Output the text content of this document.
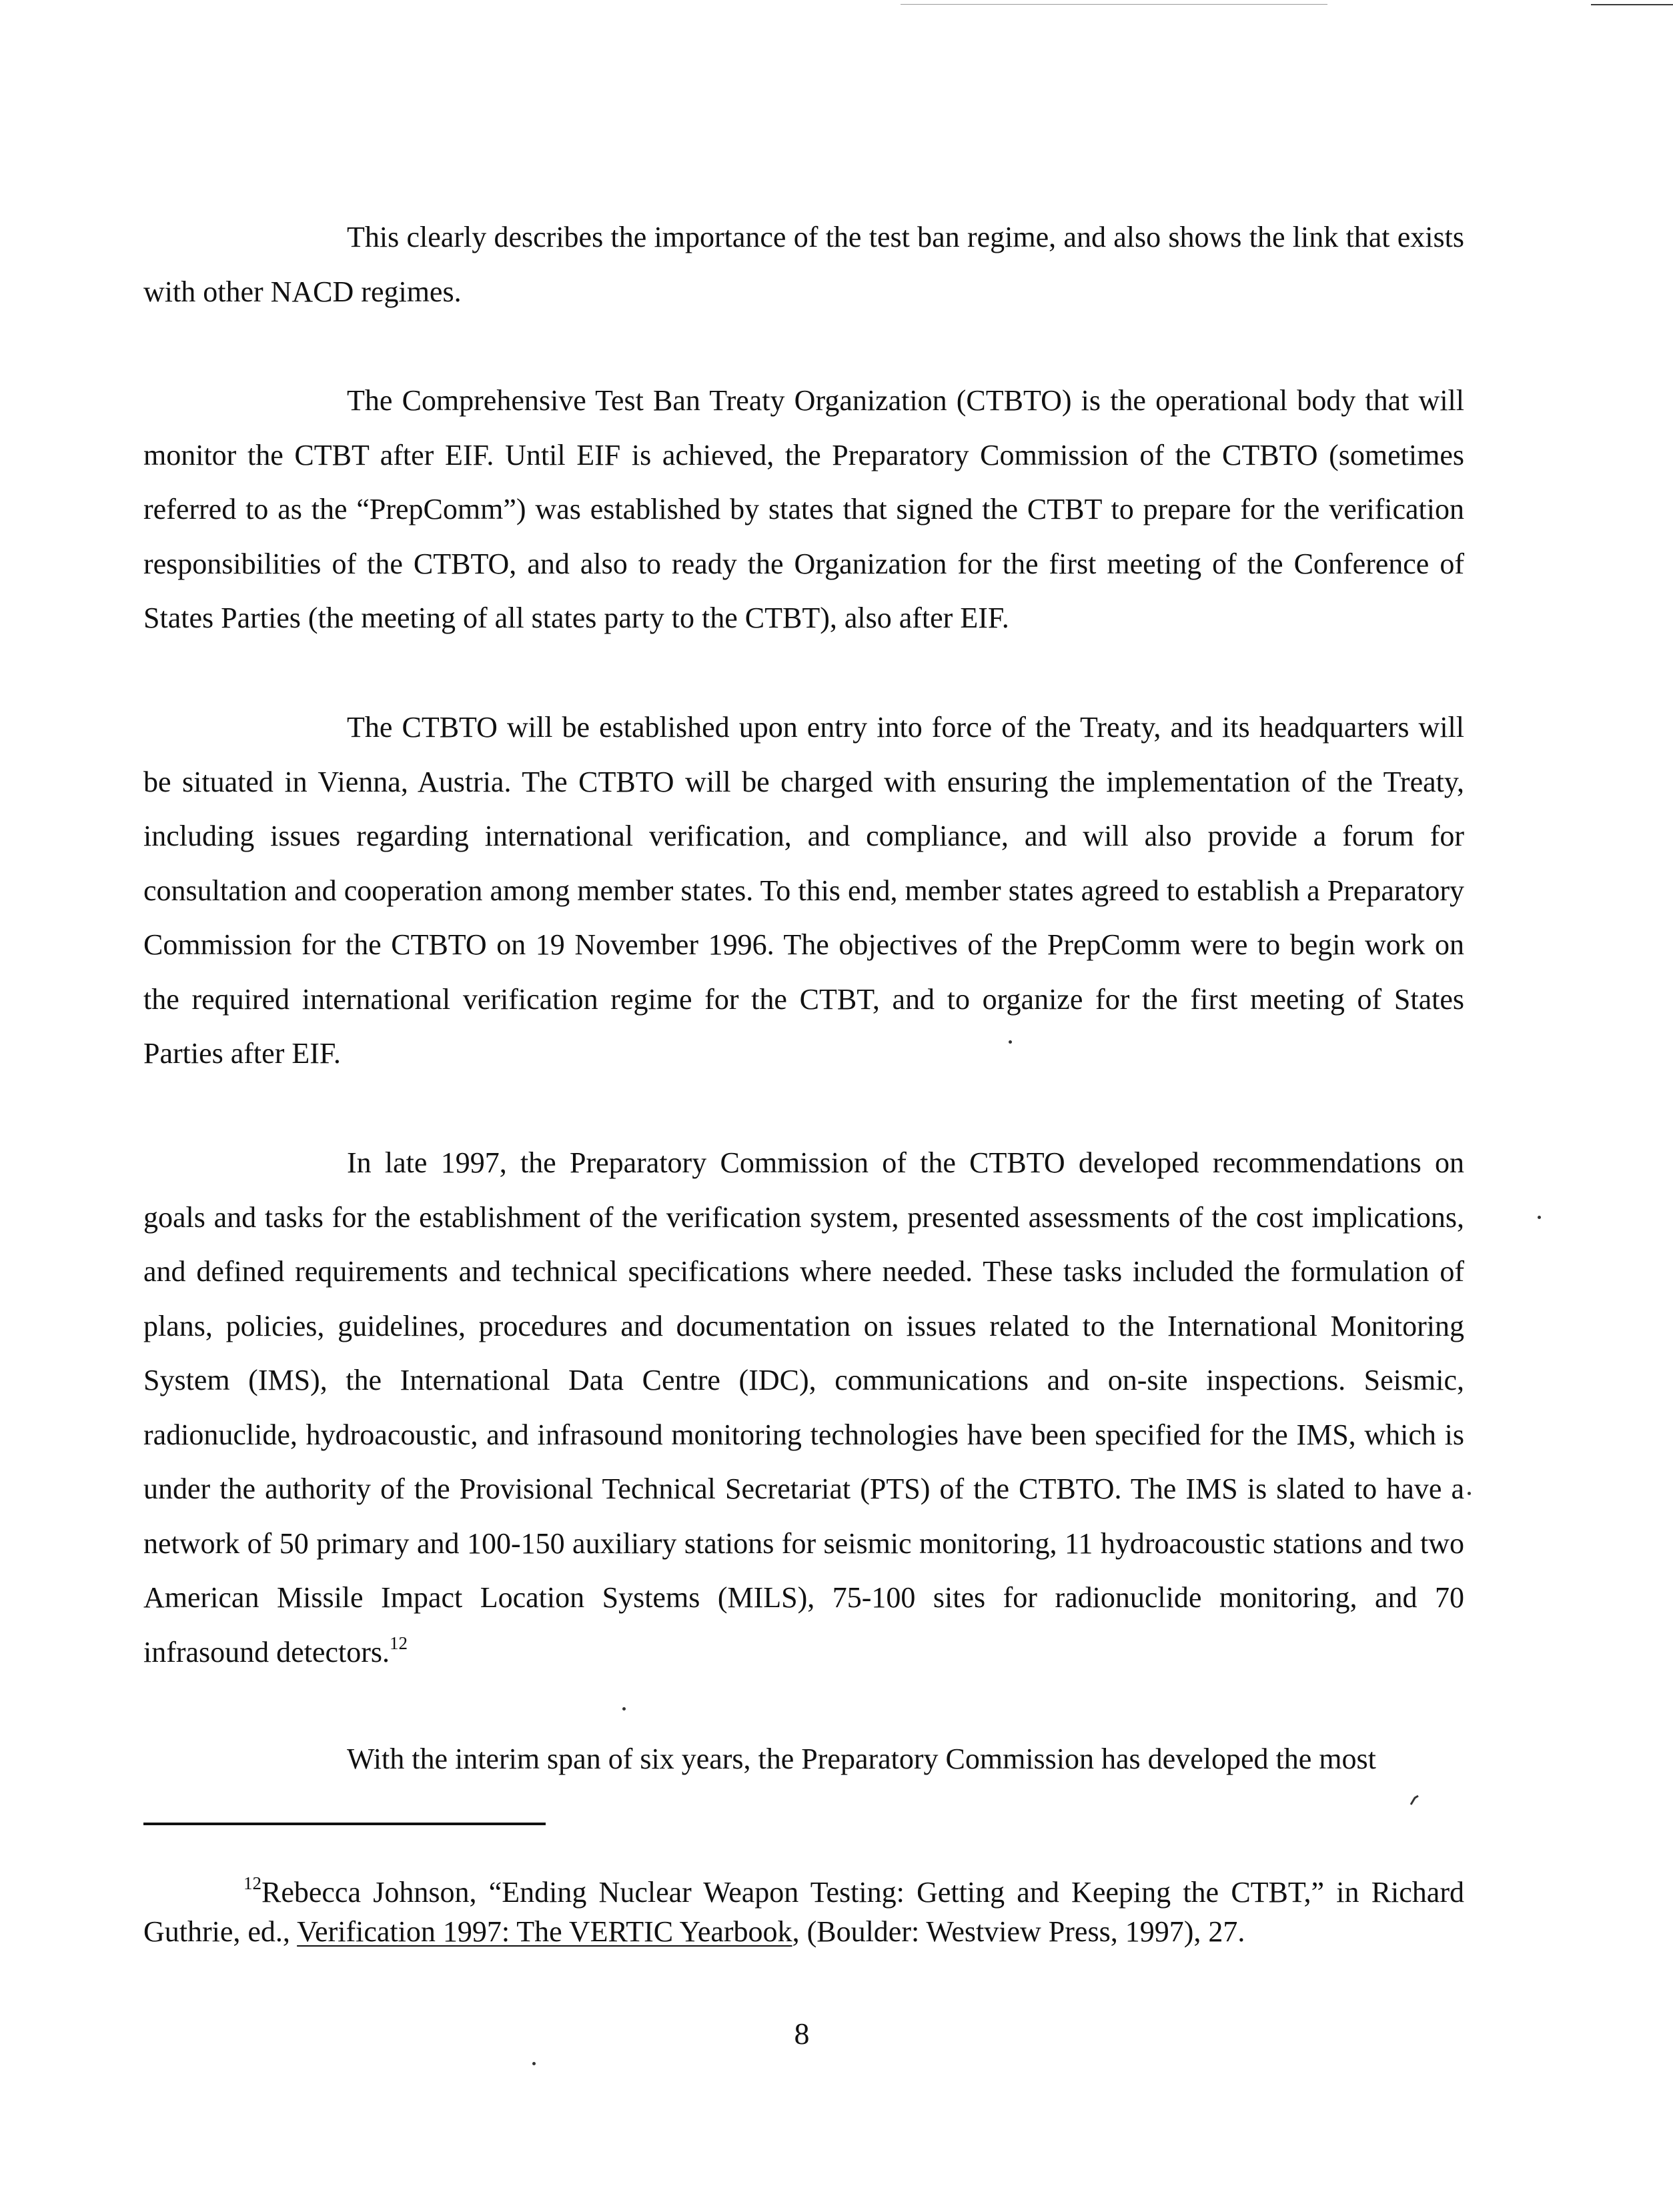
This clearly describes the importance of the test ban regime, and also shows the link that exists with other NACD regimes.

The Comprehensive Test Ban Treaty Organization (CTBTO) is the operational body that will monitor the CTBT after EIF. Until EIF is achieved, the Preparatory Commission of the CTBTO (sometimes referred to as the “PrepComm”) was established by states that signed the CTBT to prepare for the verification responsibilities of the CTBTO, and also to ready the Organization for the first meeting of the Conference of States Parties (the meeting of all states party to the CTBT), also after EIF.

The CTBTO will be established upon entry into force of the Treaty, and its headquarters will be situated in Vienna, Austria. The CTBTO will be charged with ensuring the implementation of the Treaty, including issues regarding international verification, and compliance, and will also provide a forum for consultation and cooperation among member states. To this end, member states agreed to establish a Preparatory Commission for the CTBTO on 19 November 1996. The objectives of the PrepComm were to begin work on the required international verification regime for the CTBT, and to organize for the first meeting of States Parties after EIF.

In late 1997, the Preparatory Commission of the CTBTO developed recommendations on goals and tasks for the establishment of the verification system, presented assessments of the cost implications, and defined requirements and technical specifications where needed. These tasks included the formulation of plans, policies, guidelines, procedures and documentation on issues related to the International Monitoring System (IMS), the International Data Centre (IDC), communications and on-site inspections. Seismic, radionuclide, hydroacoustic, and infrasound monitoring technologies have been specified for the IMS, which is under the authority of the Provisional Technical Secretariat (PTS) of the CTBTO. The IMS is slated to have a network of 50 primary and 100-150 auxiliary stations for seismic monitoring, 11 hydroacoustic stations and two American Missile Impact Location Systems (MILS), 75-100 sites for radionuclide monitoring, and 70 infrasound detectors.$^{12}$

With the interim span of six years, the Preparatory Commission has developed the most

$^{12}$Rebecca Johnson, “Ending Nuclear Weapon Testing: Getting and Keeping the CTBT,” in Richard Guthrie, ed., Verification 1997: The VERTIC Yearbook, (Boulder: Westview Press, 1997), 27.

8
